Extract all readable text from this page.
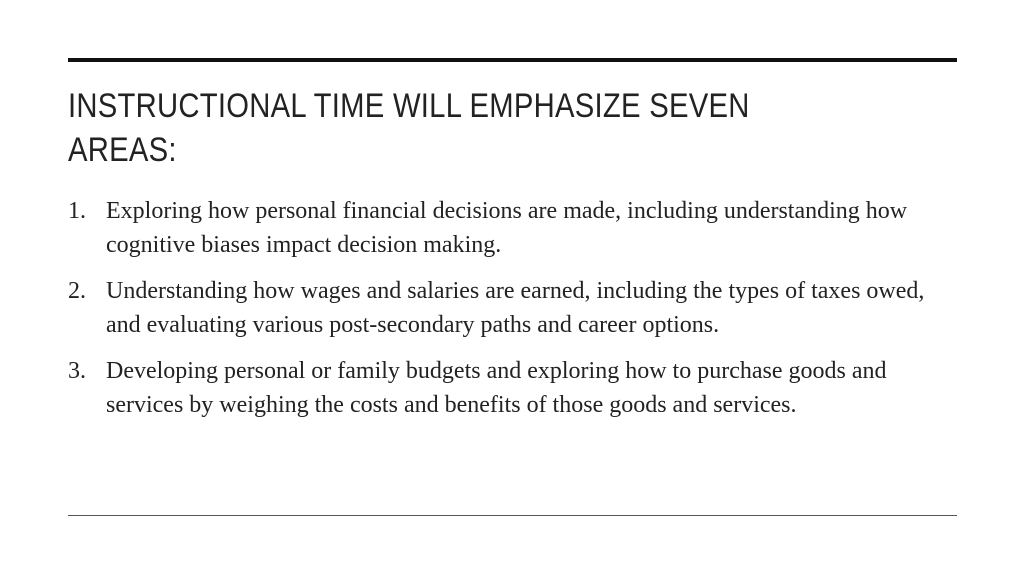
INSTRUCTIONAL TIME WILL EMPHASIZE SEVEN AREAS:
1. Exploring how personal financial decisions are made, including understanding how cognitive biases impact decision making.
2. Understanding how wages and salaries are earned, including the types of taxes owed, and evaluating various post-secondary paths and career options.
3. Developing personal or family budgets and exploring how to purchase goods and services by weighing the costs and benefits of those goods and services.
